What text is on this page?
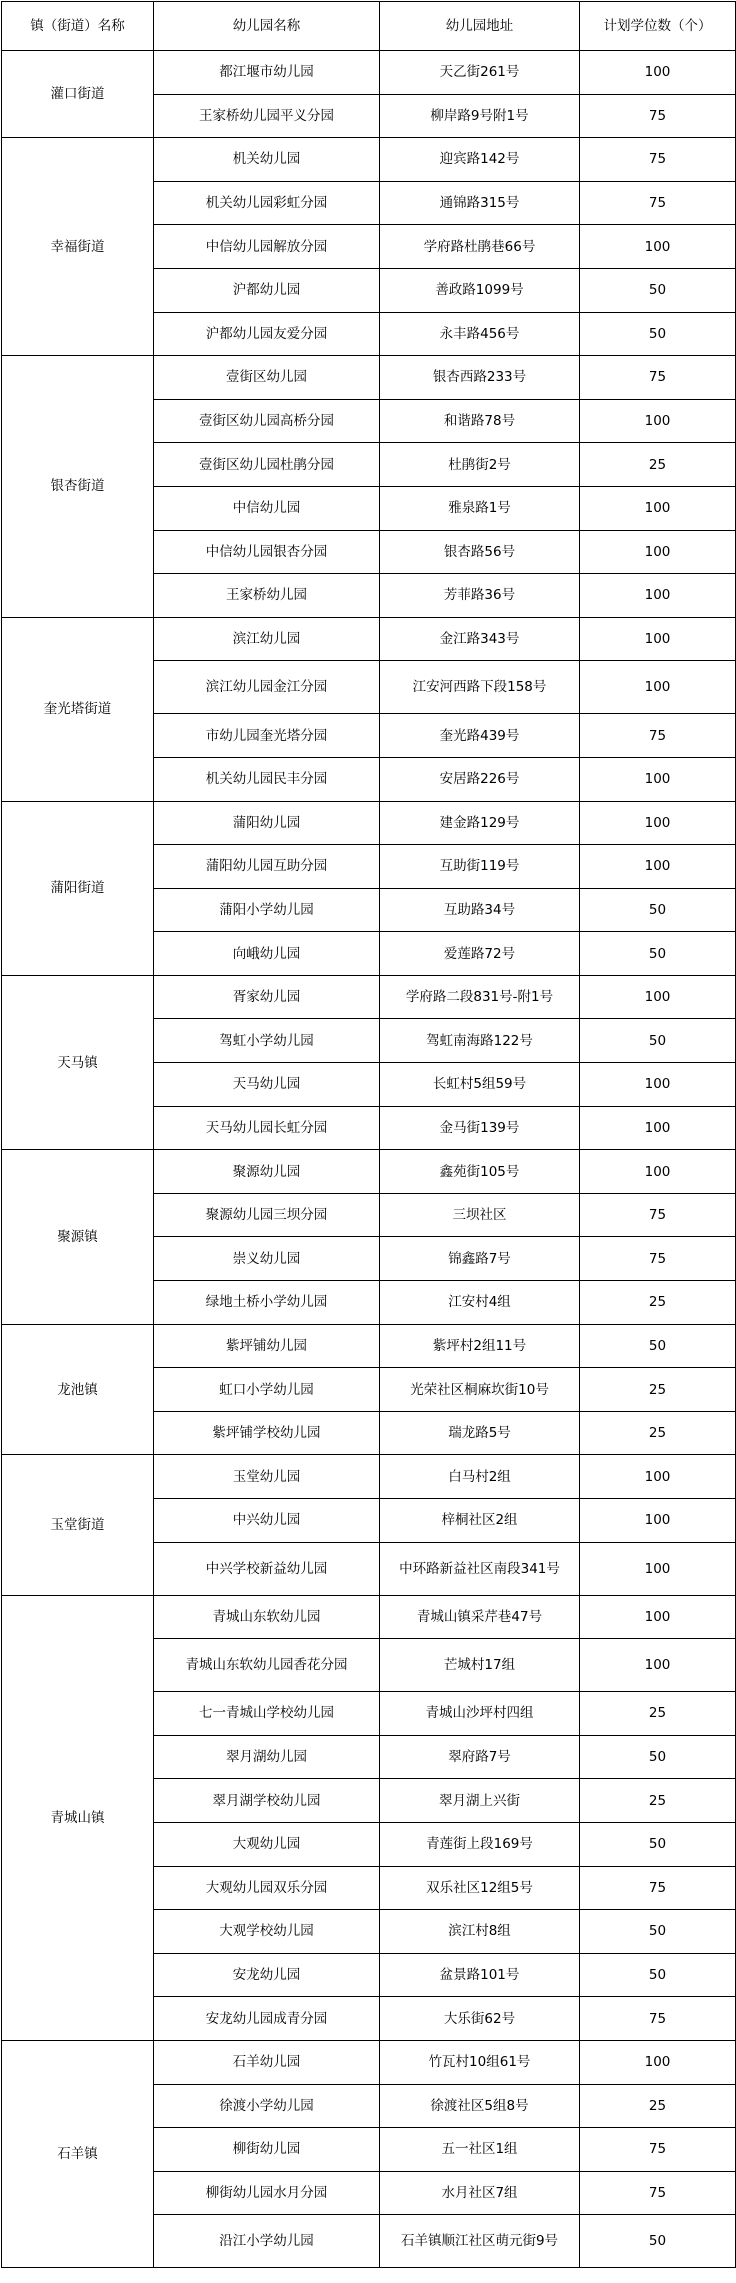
镇（街道）名称	幼儿园名称	幼儿园地址	计划学位数（个）
灌口街道	都江堰市幼儿园	天乙街261号	100
	王家桥幼儿园平义分园	柳岸路9号附1号	75
幸福街道	机关幼儿园	迎宾路142号	75
	机关幼儿园彩虹分园	通锦路315号	75
	中信幼儿园解放分园	学府路杜鹃巷66号	100
	沪都幼儿园	善政路1099号	50
	沪都幼儿园友爱分园	永丰路456号	50
银杏街道	壹街区幼儿园	银杏西路233号	75
	壹街区幼儿园高桥分园	和谐路78号	100
	壹街区幼儿园杜鹃分园	杜鹃街2号	25
	中信幼儿园	雅泉路1号	100
	中信幼儿园银杏分园	银杏路56号	100
	王家桥幼儿园	芳菲路36号	100
奎光塔街道	滨江幼儿园	金江路343号	100
	滨江幼儿园金江分园	江安河西路下段158号	100
	市幼儿园奎光塔分园	奎光路439号	75
	机关幼儿园民丰分园	安居路226号	100
蒲阳街道	蒲阳幼儿园	建金路129号	100
	蒲阳幼儿园互助分园	互助街119号	100
	蒲阳小学幼儿园	互助路34号	50
	向峨幼儿园	爱莲路72号	50
天马镇	胥家幼儿园	学府路二段831号-附1号	100
	驾虹小学幼儿园	驾虹南海路122号	50
	天马幼儿园	长虹村5组59号	100
	天马幼儿园长虹分园	金马街139号	100
聚源镇	聚源幼儿园	鑫苑街105号	100
	聚源幼儿园三坝分园	三坝社区	75
	崇义幼儿园	锦鑫路7号	75
	绿地土桥小学幼儿园	江安村4组	25
龙池镇	紫坪铺幼儿园	紫坪村2组11号	50
	虹口小学幼儿园	光荣社区桐麻坎街10号	25
	紫坪铺学校幼儿园	瑞龙路5号	25
玉堂街道	玉堂幼儿园	白马村2组	100
	中兴幼儿园	梓桐社区2组	100
	中兴学校新益幼儿园	中环路新益社区南段341号	100
青城山镇	青城山东软幼儿园	青城山镇采芹巷47号	100
	青城山东软幼儿园香花分园	芒城村17组	100
	七一青城山学校幼儿园	青城山沙坪村四组	25
	翠月湖幼儿园	翠府路7号	50
	翠月湖学校幼儿园	翠月湖上兴街	25
	大观幼儿园	青莲街上段169号	50
	大观幼儿园双乐分园	双乐社区12组5号	75
	大观学校幼儿园	滨江村8组	50
	安龙幼儿园	盆景路101号	50
	安龙幼儿园成青分园	大乐街62号	75
石羊镇	石羊幼儿园	竹瓦村10组61号	100
	徐渡小学幼儿园	徐渡社区5组8号	25
	柳街幼儿园	五一社区1组	75
	柳街幼儿园水月分园	水月社区7组	75
	沿江小学幼儿园	石羊镇顺江社区萌元街9号	50
